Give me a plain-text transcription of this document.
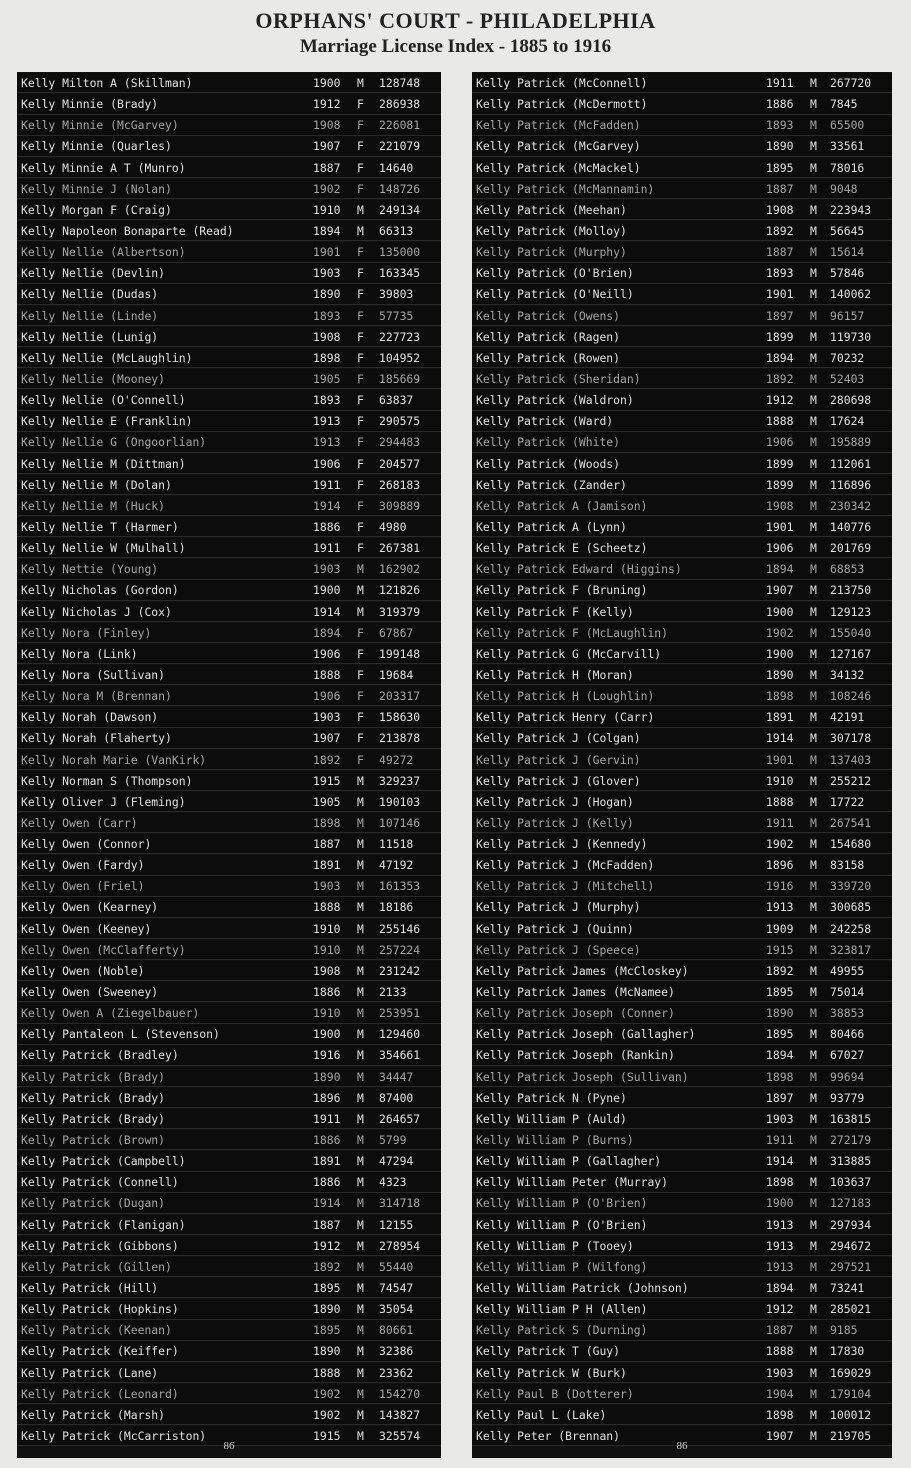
ORPHANS' COURT - PHILADELPHIA
Marriage License Index - 1885 to 1916
Kelly Milton A (Skillman)	1900 M 128748
Kelly Minnie (Brady)	1912 F 286938
Kelly Minnie (McGarvey)	1908 F 226081
Kelly Minnie (Quarles)	1907 F 221079
Kelly Minnie A T (Munro)	1887 F 14640
Kelly Minnie J (Nolan)	1902 F 148726
Kelly Morgan F (Craig)	1910 M 249134
Kelly Napoleon Bonaparte (Read)	1894 M 66313
Kelly Nellie (Albertson)	1901 F 135000
Kelly Nellie (Devlin)	1903 F 163345
Kelly Nellie (Dudas)	1890 F 39803
Kelly Nellie (Linde)	1893 F 57735
Kelly Nellie (Lunig)	1908 F 227723
Kelly Nellie (McLaughlin)	1898 F 104952
Kelly Nellie (Mooney)	1905 F 185669
Kelly Nellie (O'Connell)	1893 F 63837
Kelly Nellie E (Franklin)	1913 F 290575
Kelly Nellie G (Ongoorlian)	1913 F 294483
Kelly Nellie M (Dittman)	1906 F 204577
Kelly Nellie M (Dolan)	1911 F 268183
Kelly Nellie M (Huck)	1914 F 309889
Kelly Nellie T (Harmer)	1886 F 4980
Kelly Nellie W (Mulhall)	1911 F 267381
Kelly Nettie (Young)	1903 M 162902
Kelly Nicholas (Gordon)	1900 M 121826
Kelly Nicholas J (Cox)	1914 M 319379
Kelly Nora (Finley)	1894 F 67867
Kelly Nora (Link)	1906 F 199148
Kelly Nora (Sullivan)	1888 F 19684
Kelly Nora M (Brennan)	1906 F 203317
Kelly Norah (Dawson)	1903 F 158630
Kelly Norah (Flaherty)	1907 F 213878
Kelly Norah Marie (VanKirk)	1892 F 49272
Kelly Norman S (Thompson)	1915 M 329237
Kelly Oliver J (Fleming)	1905 M 190103
Kelly Owen (Carr)	1898 M 107146
Kelly Owen (Connor)	1887 M 11518
Kelly Owen (Fardy)	1891 M 47192
Kelly Owen (Friel)	1903 M 161353
Kelly Owen (Kearney)	1888 M 18186
Kelly Owen (Keeney)	1910 M 255146
Kelly Owen (McClafferty)	1910 M 257224
Kelly Owen (Noble)	1908 M 231242
Kelly Owen (Sweeney)	1886 M 2133
Kelly Owen A (Ziegelbauer)	1910 M 253951
Kelly Pantaleon L (Stevenson)	1900 M 129460
Kelly Patrick (Bradley)	1916 M 354661
Kelly Patrick (Brady)	1890 M 34447
Kelly Patrick (Brady)	1896 M 87400
Kelly Patrick (Brady)	1911 M 264657
Kelly Patrick (Brown)	1886 M 5799
Kelly Patrick (Campbell)	1891 M 47294
Kelly Patrick (Connell)	1886 M 4323
Kelly Patrick (Dugan)	1914 M 314718
Kelly Patrick (Flanigan)	1887 M 12155
Kelly Patrick (Gibbons)	1912 M 278954
Kelly Patrick (Gillen)	1892 M 55440
Kelly Patrick (Hill)	1895 M 74547
Kelly Patrick (Hopkins)	1890 M 35054
Kelly Patrick (Keenan)	1895 M 80661
Kelly Patrick (Keiffer)	1890 M 32386
Kelly Patrick (Lane)	1888 M 23362
Kelly Patrick (Leonard)	1902 M 154270
Kelly Patrick (Marsh)	1902 M 143827
Kelly Patrick (McCarriston)	1915 M 325574
86
Kelly Patrick (McConnell)	1911 M 267720
Kelly Patrick (McDermott)	1886 M 7845
Kelly Patrick (McFadden)	1893 M 65500
Kelly Patrick (McGarvey)	1890 M 33561
Kelly Patrick (McMackel)	1895 M 78016
Kelly Patrick (McMannamin)	1887 M 9048
Kelly Patrick (Meehan)	1908 M 223943
Kelly Patrick (Molloy)	1892 M 56645
Kelly Patrick (Murphy)	1887 M 15614
Kelly Patrick (O'Brien)	1893 M 57846
Kelly Patrick (O'Neill)	1901 M 140062
Kelly Patrick (Owens)	1897 M 96157
Kelly Patrick (Ragen)	1899 M 119730
Kelly Patrick (Rowen)	1894 M 70232
Kelly Patrick (Sheridan)	1892 M 52403
Kelly Patrick (Waldron)	1912 M 280698
Kelly Patrick (Ward)	1888 M 17624
Kelly Patrick (White)	1906 M 195889
Kelly Patrick (Woods)	1899 M 112061
Kelly Patrick (Zander)	1899 M 116896
Kelly Patrick A (Jamison)	1908 M 230342
Kelly Patrick A (Lynn)	1901 M 140776
Kelly Patrick E (Scheetz)	1906 M 201769
Kelly Patrick Edward (Higgins)	1894 M 68853
Kelly Patrick F (Bruning)	1907 M 213750
Kelly Patrick F (Kelly)	1900 M 129123
Kelly Patrick F (McLaughlin)	1902 M 155040
Kelly Patrick G (McCarvill)	1900 M 127167
Kelly Patrick H (Moran)	1890 M 34132
Kelly Patrick H (Loughlin)	1898 M 108246
Kelly Patrick Henry (Carr)	1891 M 42191
Kelly Patrick J (Colgan)	1914 M 307178
Kelly Patrick J (Gervin)	1901 M 137403
Kelly Patrick J (Glover)	1910 M 255212
Kelly Patrick J (Hogan)	1888 M 17722
Kelly Patrick J (Kelly)	1911 M 267541
Kelly Patrick J (Kennedy)	1902 M 154680
Kelly Patrick J (McFadden)	1896 M 83158
Kelly Patrick J (Mitchell)	1916 M 339720
Kelly Patrick J (Murphy)	1913 M 300685
Kelly Patrick J (Quinn)	1909 M 242258
Kelly Patrick J (Speece)	1915 M 323817
Kelly Patrick James (McCloskey)	1892 M 49955
Kelly Patrick James (McNamee)	1895 M 75014
Kelly Patrick Joseph (Conner)	1890 M 38853
Kelly Patrick Joseph (Gallagher)	1895 M 80466
Kelly Patrick Joseph (Rankin)	1894 M 67027
Kelly Patrick Joseph (Sullivan)	1898 M 99694
Kelly Patrick N (Pyne)	1897 M 93779
Kelly William P (Auld)	1903 M 163815
Kelly William P (Burns)	1911 M 272179
Kelly William P (Gallagher)	1914 M 313885
Kelly William Peter (Murray)	1898 M 103637
Kelly William P (O'Brien)	1900 M 127183
Kelly William P (O'Brien)	1913 M 297934
Kelly William P (Tooey)	1913 M 294672
Kelly William P (Wilfong)	1913 M 297521
Kelly William Patrick (Johnson)	1894 M 73241
Kelly William P H (Allen)	1912 M 285021
Kelly Patrick S (Durning)	1887 M 9185
Kelly Patrick T (Guy)	1888 M 17830
Kelly Patrick W (Burk)	1903 M 169029
Kelly Paul B (Dotterer)	1904 M 179104
Kelly Paul L (Lake)	1898 M 100012
Kelly Peter (Brennan)	1907 M 219705
86
